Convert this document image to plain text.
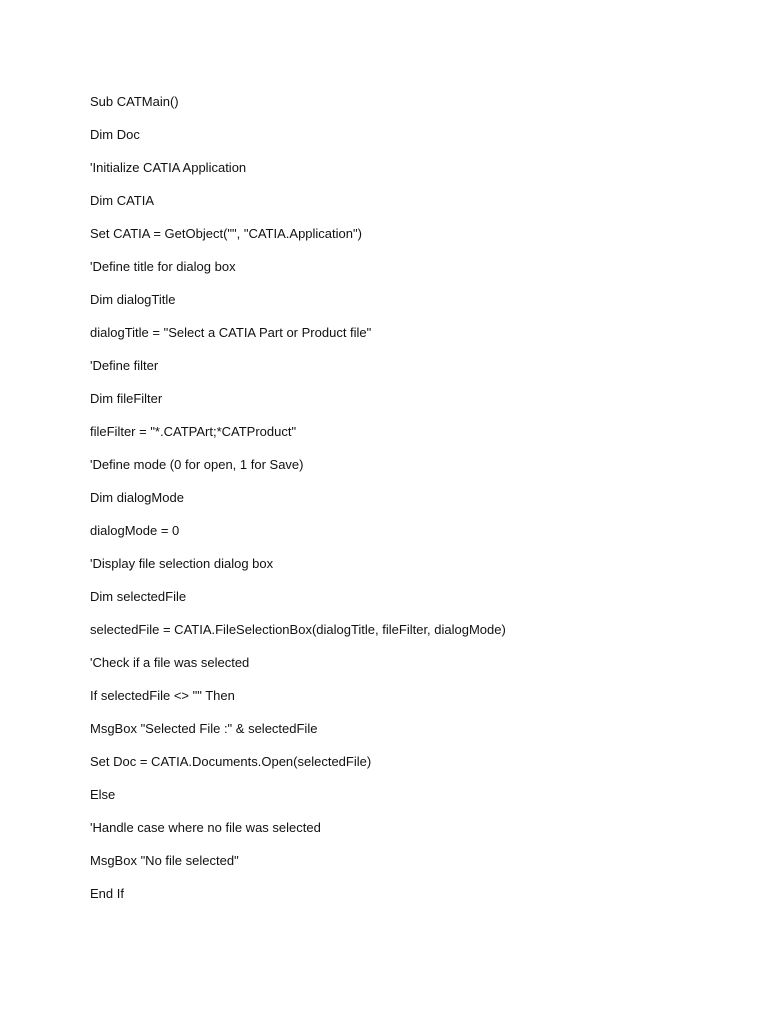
Sub CATMain()
Dim Doc
'Initialize CATIA Application
Dim CATIA
Set CATIA = GetObject("", "CATIA.Application")
'Define title for dialog box
Dim dialogTitle
dialogTitle = "Select a CATIA Part or Product file"
'Define filter
Dim fileFilter
fileFilter = "*.CATPArt;*CATProduct"
'Define mode (0 for open, 1 for Save)
Dim dialogMode
dialogMode = 0
'Display file selection dialog box
Dim selectedFile
selectedFile = CATIA.FileSelectionBox(dialogTitle, fileFilter, dialogMode)
'Check if a file was selected
If selectedFile <> "" Then
MsgBox "Selected File :" & selectedFile
Set Doc = CATIA.Documents.Open(selectedFile)
Else
'Handle case where no file was selected
MsgBox "No file selected"
End If
